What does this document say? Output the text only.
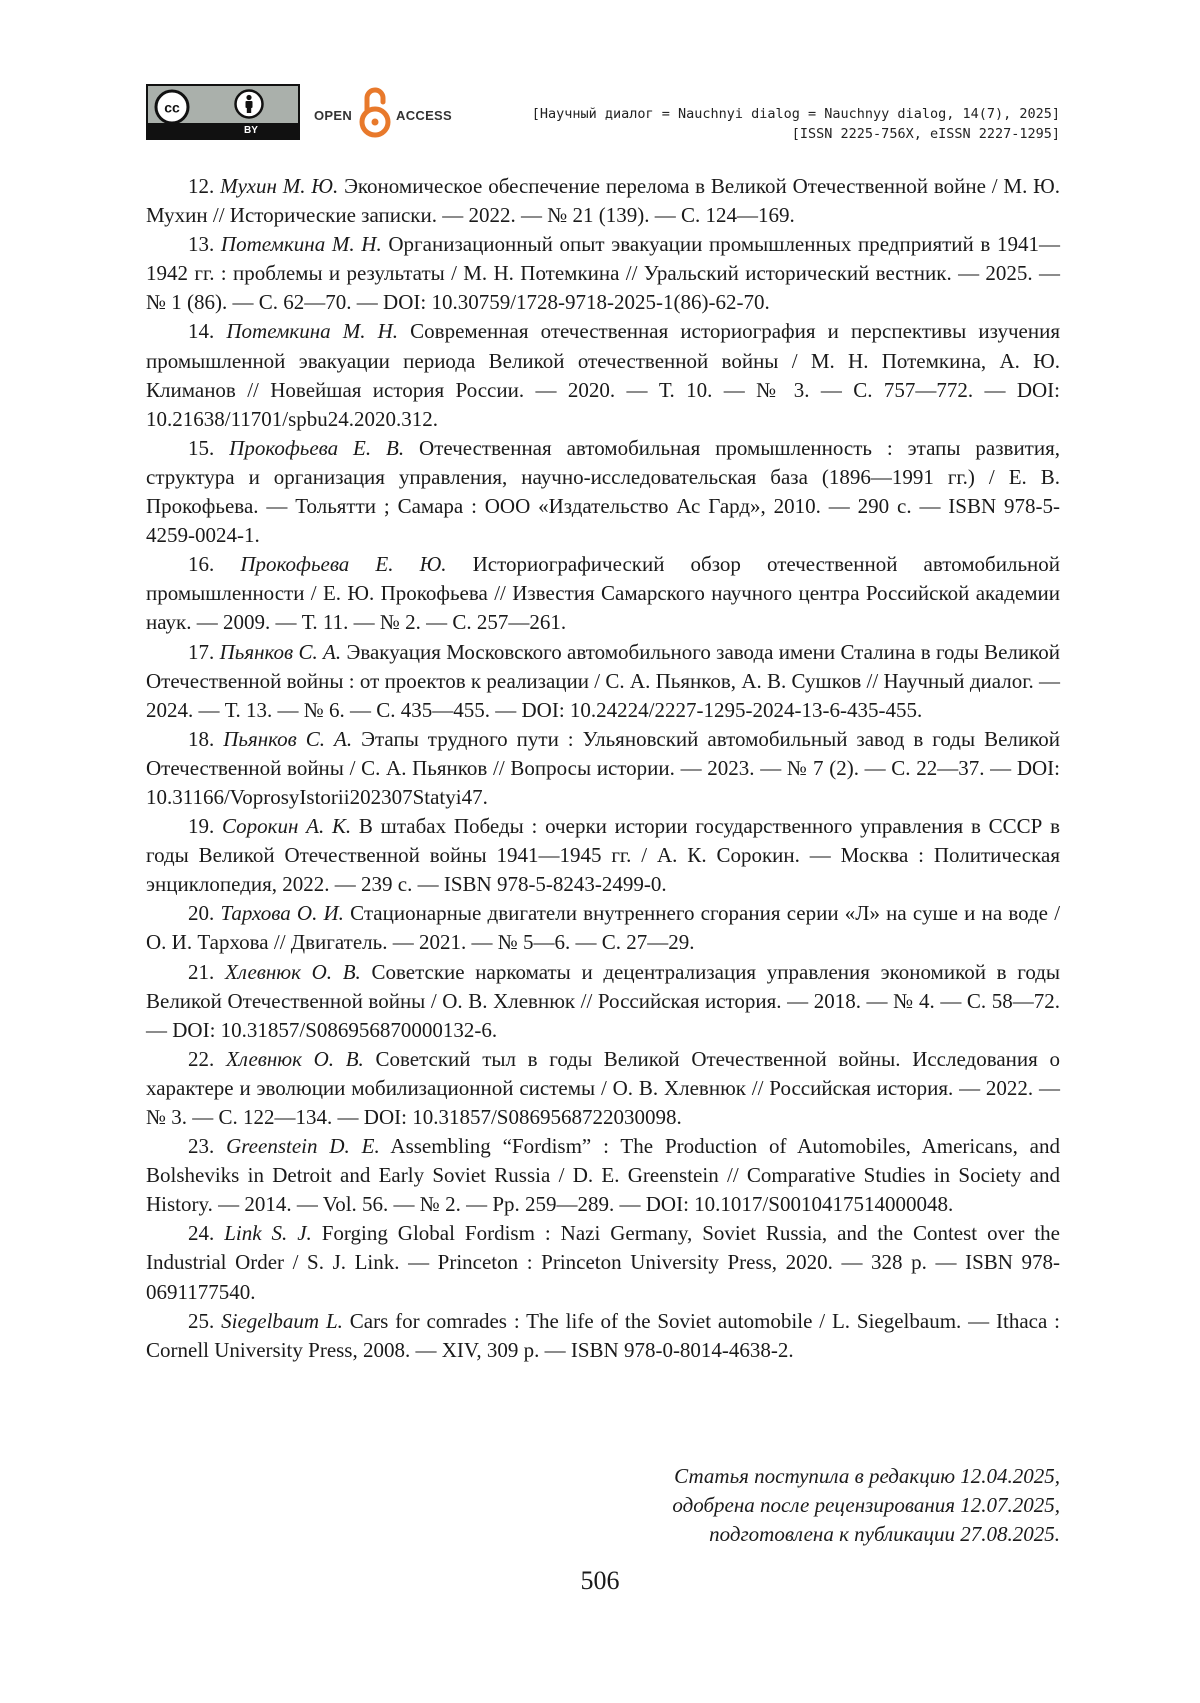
cc
BY
OPEN	ACCESS	[Научный диалог = Nauchnyi dialog = Nauchnyy dialog, 14(7), 2025]
[ISSN 2225-756X, eISSN 2227-1295]

12. Мухин М. Ю. Экономическое обеспечение перелома в Великой Отечественной войне / М. Ю. Мухин // Исторические записки. — 2022. — № 21 (139). — С. 124—169.

13. Потемкина М. Н. Организационный опыт эвакуации промышленных предприятий в 1941—1942 гг. : проблемы и результаты / М. Н. Потемкина // Уральский исторический вестник. — 2025. — № 1 (86). — С. 62—70. — DOI: 10.30759/1728-9718-2025-1(86)-62-70.

14. Потемкина М. Н. Современная отечественная историография и перспективы изучения промышленной эвакуации периода Великой отечественной войны / М. Н. Потемкина, А. Ю. Климанов // Новейшая история России. — 2020. — Т. 10. — № 3. — С. 757—772. — DOI: 10.21638/11701/spbu24.2020.312.

15. Прокофьева Е. В. Отечественная автомобильная промышленность : этапы развития, структура и организация управления, научно-исследовательская база (1896—1991 гг.) / Е. В. Прокофьева. — Тольятти ; Самара : ООО «Издательство Ас Гард», 2010. — 290 с. — ISBN 978-5-4259-0024-1.

16. Прокофьева Е. Ю. Историографический обзор отечественной автомобильной промышленности / Е. Ю. Прокофьева // Известия Самарского научного центра Российской академии наук. — 2009. — Т. 11. — № 2. — С. 257—261.

17. Пьянков С. А. Эвакуация Московского автомобильного завода имени Сталина в годы Великой Отечественной войны : от проектов к реализации / С. А. Пьянков, А. В. Сушков // Научный диалог. — 2024. — Т. 13. — № 6. — С. 435—455. — DOI: 10.24224/2227-1295-2024-13-6-435-455.

18. Пьянков С. А. Этапы трудного пути : Ульяновский автомобильный завод в годы Великой Отечественной войны / С. А. Пьянков // Вопросы истории. — 2023. — № 7 (2). — С. 22—37. — DOI: 10.31166/VoprosyIstorii202307Statyi47.

19. Сорокин А. К. В штабах Победы : очерки истории государственного управления в СССР в годы Великой Отечественной войны 1941—1945 гг. / А. К. Сорокин. — Москва : Политическая энциклопедия, 2022. — 239 с. — ISBN 978-5-8243-2499-0.

20. Тархова О. И. Стационарные двигатели внутреннего сгорания серии «Л» на суше и на воде / О. И. Тархова // Двигатель. — 2021. — № 5—6. — С. 27—29.

21. Хлевнюк О. В. Советские наркоматы и децентрализация управления экономикой в годы Великой Отечественной войны / О. В. Хлевнюк // Российская история. — 2018. — № 4. — С. 58—72. — DOI: 10.31857/S086956870000132-6.

22. Хлевнюк О. В. Советский тыл в годы Великой Отечественной войны. Исследования о характере и эволюции мобилизационной системы / О. В. Хлевнюк // Российская история. — 2022. — № 3. — С. 122—134. — DOI: 10.31857/S0869568722030098.

23. Greenstein D. E. Assembling “Fordism” : The Production of Automobiles, Americans, and Bolsheviks in Detroit and Early Soviet Russia / D. E. Greenstein // Comparative Studies in Society and History. — 2014. — Vol. 56. — № 2. — Pp. 259—289. — DOI: 10.1017/S0010417514000048.

24. Link S. J. Forging Global Fordism : Nazi Germany, Soviet Russia, and the Contest over the Industrial Order / S. J. Link. — Princeton : Princeton University Press, 2020. — 328 p. — ISBN ‎978-0691177540.

25. Siegelbaum L. Cars for comrades : The life of the Soviet automobile / L. Siegelbaum. — Ithaca : Cornell University Press, 2008. — XIV, 309 p. — ISBN 978-0-8014-4638-2.

Статья поступила в редакцию 12.04.2025,
одобрена после рецензирования 12.07.2025,
подготовлена к публикации 27.08.2025.
506
